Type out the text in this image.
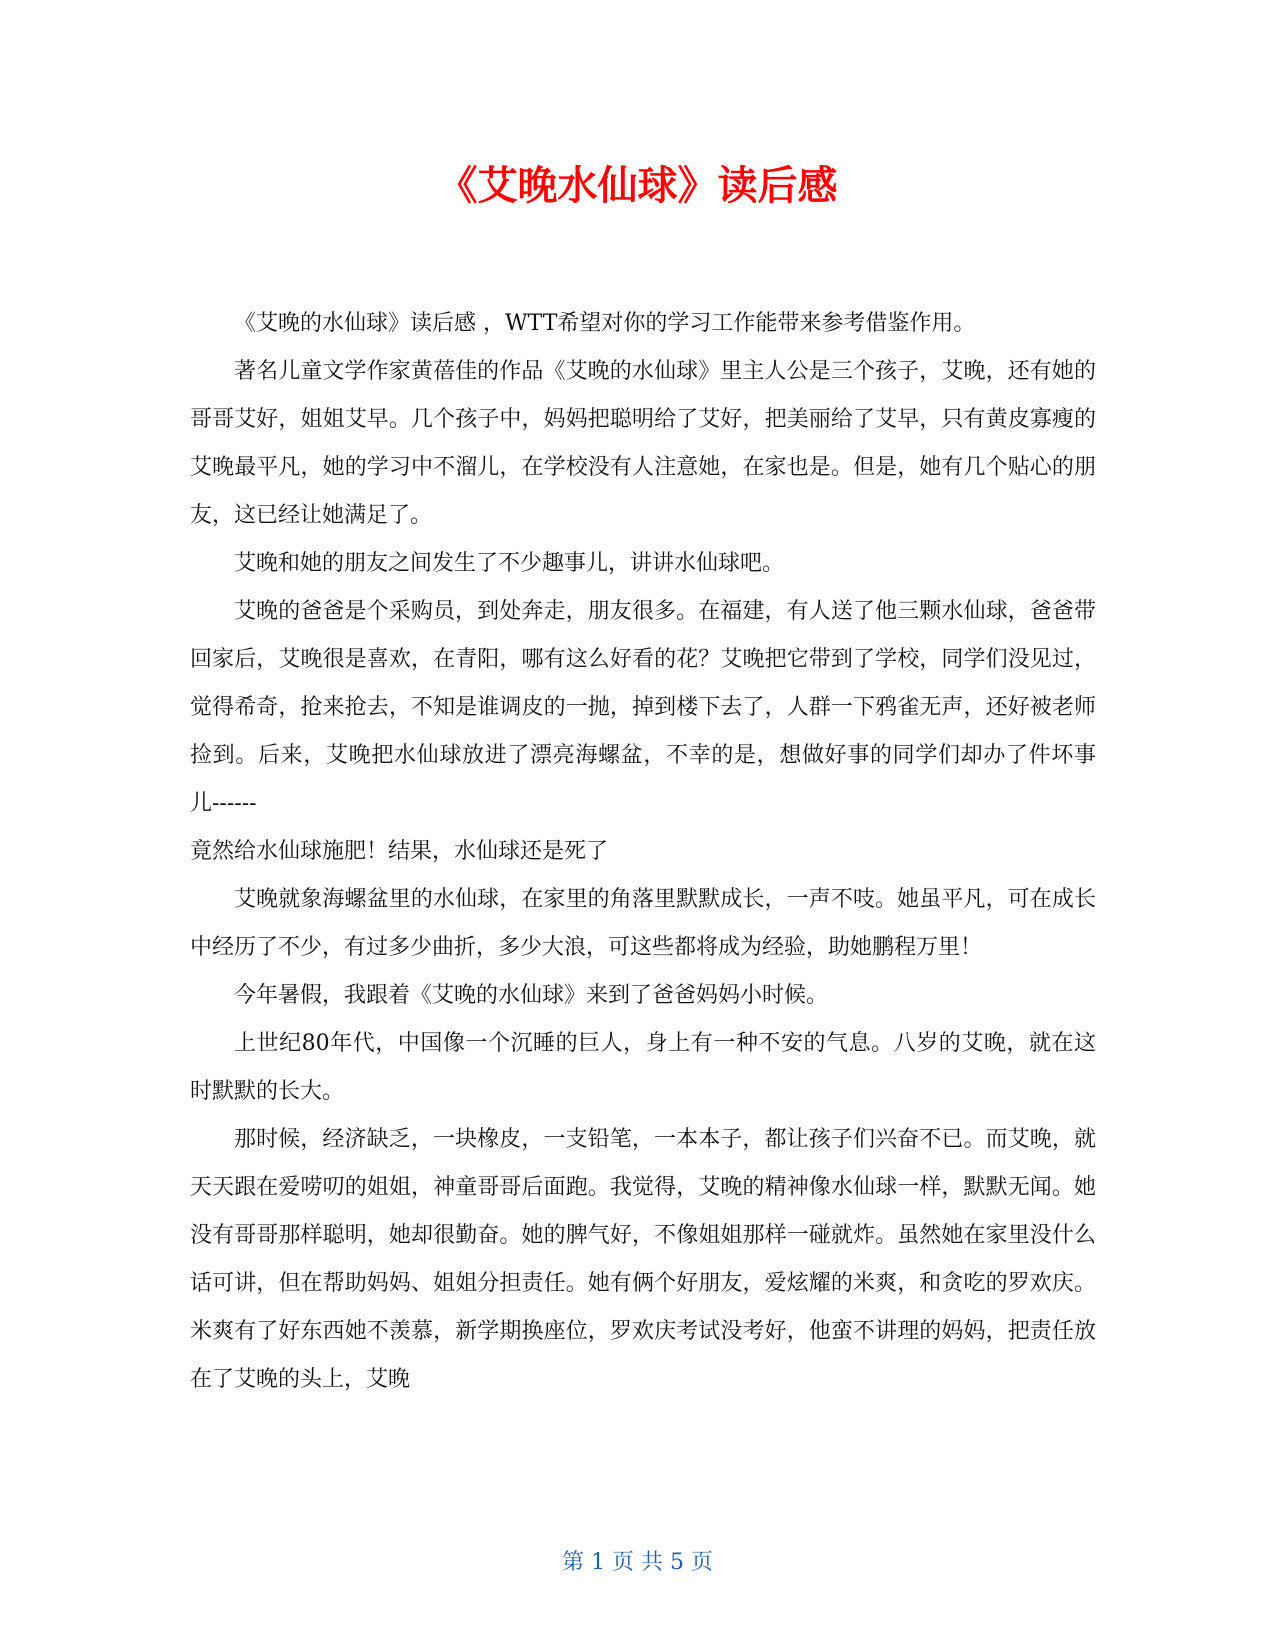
《艾晚水仙球》读后感

《艾晚的水仙球》读后感 ，WTT希望对你的学习工作能带来参考借鉴作用。

著名儿童文学作家黄蓓佳的作品《艾晚的水仙球》里主人公是三个孩子，艾晚，还有她的哥哥艾好，姐姐艾早。几个孩子中，妈妈把聪明给了艾好，把美丽给了艾早，只有黄皮寡瘦的艾晚最平凡，她的学习中不溜儿，在学校没有人注意她，在家也是。但是，她有几个贴心的朋友，这已经让她满足了。

艾晚和她的朋友之间发生了不少趣事儿，讲讲水仙球吧。

艾晚的爸爸是个采购员，到处奔走，朋友很多。在福建，有人送了他三颗水仙球，爸爸带回家后，艾晚很是喜欢，在青阳，哪有这么好看的花？艾晚把它带到了学校，同学们没见过，觉得希奇，抢来抢去，不知是谁调皮的一抛，掉到楼下去了，人群一下鸦雀无声，还好被老师捡到。后来，艾晚把水仙球放进了漂亮海螺盆，不幸的是，想做好事的同学们却办了件坏事儿------

竟然给水仙球施肥！结果，水仙球还是死了

艾晚就象海螺盆里的水仙球，在家里的角落里默默成长，一声不吱。她虽平凡，可在成长中经历了不少，有过多少曲折，多少大浪，可这些都将成为经验，助她鹏程万里！

今年暑假，我跟着《艾晚的水仙球》来到了爸爸妈妈小时候。

上世纪80年代，中国像一个沉睡的巨人，身上有一种不安的气息。八岁的艾晚，就在这时默默的长大。

那时候，经济缺乏，一块橡皮，一支铅笔，一本本子，都让孩子们兴奋不已。而艾晚，就天天跟在爱唠叨的姐姐，神童哥哥后面跑。我觉得，艾晚的精神像水仙球一样，默默无闻。她没有哥哥那样聪明，她却很勤奋。她的脾气好，不像姐姐那样一碰就炸。虽然她在家里没什么话可讲，但在帮助妈妈、姐姐分担责任。她有俩个好朋友，爱炫耀的米爽，和贪吃的罗欢庆。米爽有了好东西她不羡慕，新学期换座位，罗欢庆考试没考好，他蛮不讲理的妈妈，把责任放在了艾晚的头上，艾晚

第 1 页 共 5 页
